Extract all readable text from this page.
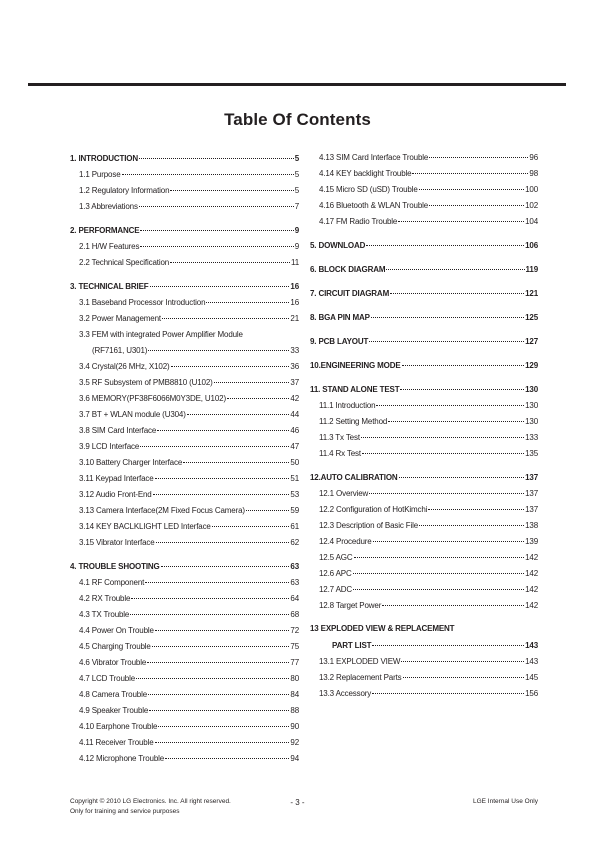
Table Of Contents
1. INTRODUCTION	5
1.1 Purpose	5
1.2 Regulatory Information	5
1.3 Abbreviations	7
2. PERFORMANCE	9
2.1 H/W Features	9
2.2 Technical Specification	11
3. TECHNICAL BRIEF	16
3.1 Baseband Processor Introduction	16
3.2 Power Management	21
3.3 FEM with integrated Power Amplifier Module
(RF7161, U301)	33
3.4 Crystal(26 MHz, X102)	36
3.5 RF Subsystem of PMB8810 (U102)	37
3.6 MEMORY(PF38F6066M0Y3DE, U102)	42
3.7 BT + WLAN module (U304)	44
3.8 SIM Card Interface	46
3.9 LCD Interface	47
3.10 Battery Charger Interface	50
3.11 Keypad Interface	51
3.12 Audio Front-End	53
3.13 Camera Interface(2M Fixed Focus Camera)	59
3.14 KEY BACLKLIGHT LED Interface	61
3.15 Vibrator Interface	62
4. TROUBLE SHOOTING	63
4.1 RF Component	63
4.2 RX Trouble	64
4.3 TX Trouble	68
4.4 Power On Trouble	72
4.5 Charging Trouble	75
4.6 Vibrator Trouble	77
4.7 LCD Trouble	80
4.8 Camera Trouble	84
4.9 Speaker Trouble	88
4.10 Earphone Trouble	90
4.11 Receiver Trouble	92
4.12 Microphone Trouble	94
4.13 SIM Card Interface Trouble	96
4.14 KEY backlight Trouble	98
4.15 Micro SD (uSD) Trouble	100
4.16 Bluetooth & WLAN Trouble	102
4.17 FM Radio Trouble	104
5. DOWNLOAD	106
6. BLOCK DIAGRAM	119
7. CIRCUIT DIAGRAM	121
8. BGA PIN MAP	125
9. PCB LAYOUT	127
10.ENGINEERING MODE	129
11. STAND ALONE TEST	130
11.1 Introduction	130
11.2 Setting Method	130
11.3 Tx Test	133
11.4 Rx Test	135
12.AUTO CALIBRATION	137
12.1 Overview	137
12.2 Configuration of HotKimchi	137
12.3 Description of Basic File	138
12.4 Procedure	139
12.5 AGC	142
12.6 APC	142
12.7 ADC	142
12.8 Target Power	142
13 EXPLODED VIEW & REPLACEMENT
PART LIST	143
13.1 EXPLODED VIEW	143
13.2 Replacement Parts	145
13.3 Accessory	156
Copyright © 2010 LG Electronics. Inc. All right reserved.
Only for training and service purposes
- 3 -	LGE Internal Use Only
